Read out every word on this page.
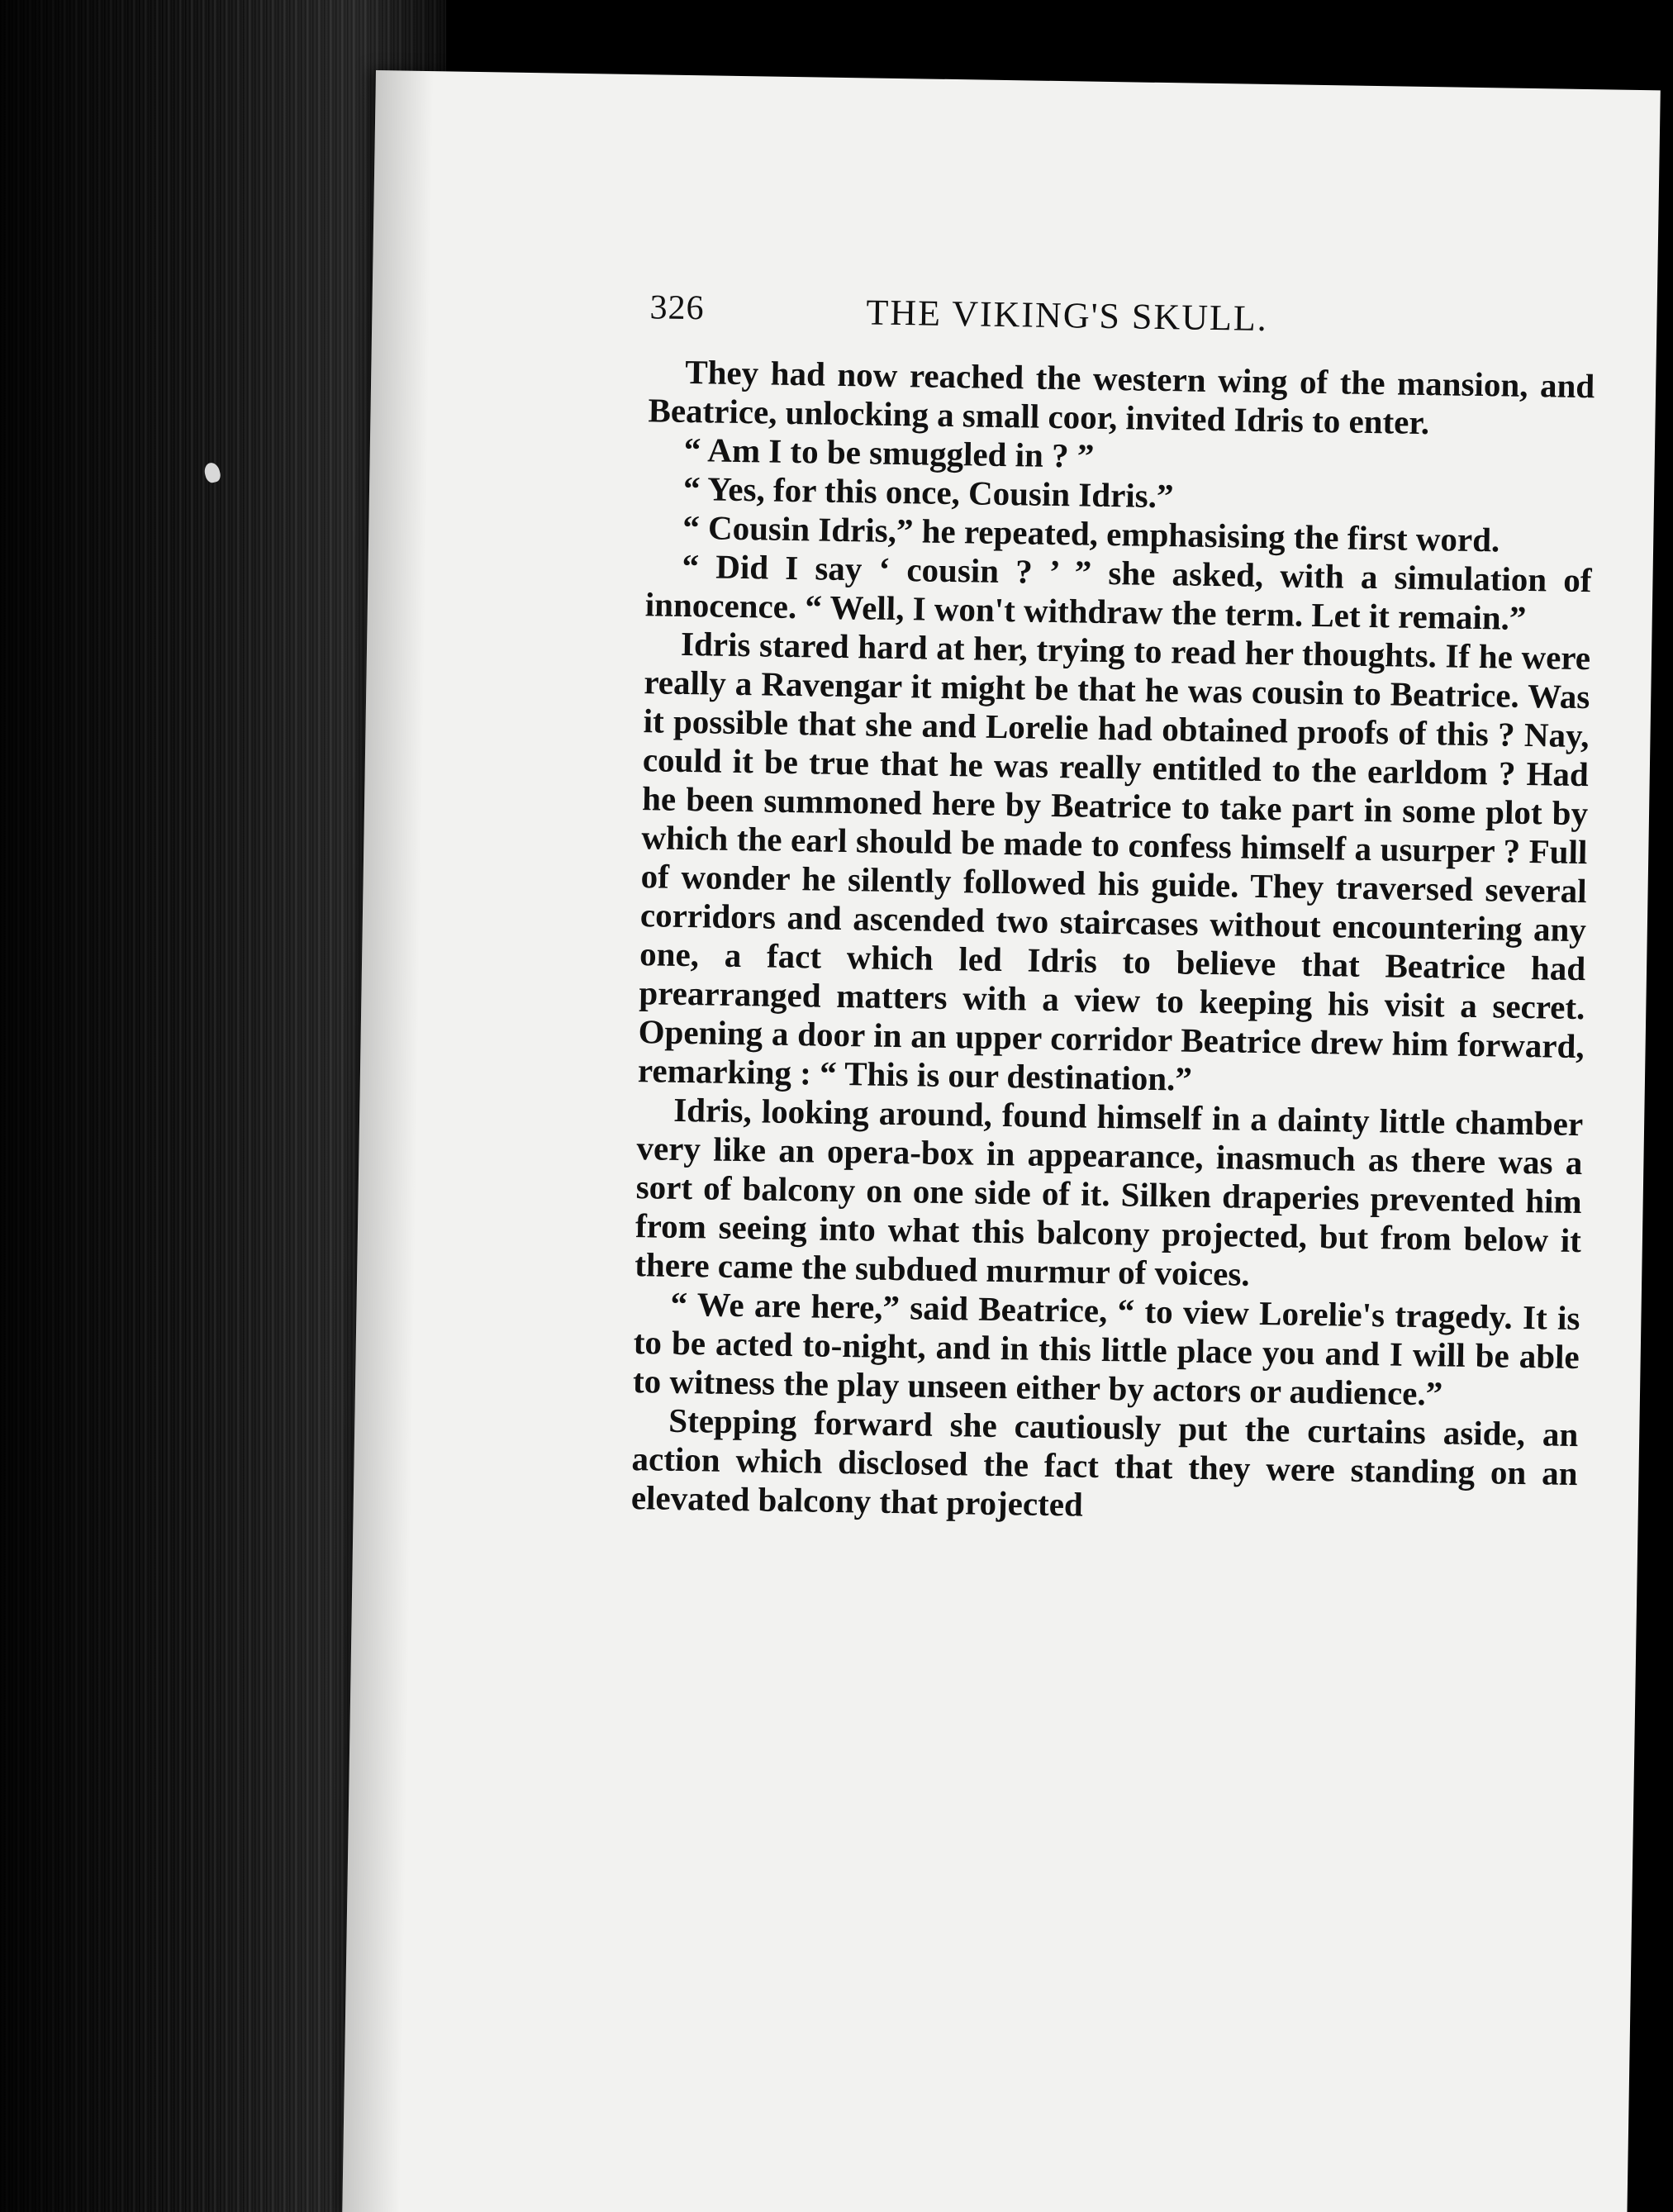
326	THE VIKING'S SKULL.

They had now reached the western wing of the mansion, and Beatrice, unlocking a small coor, invited Idris to enter.

“ Am I to be smuggled in ? ”

“ Yes, for this once, Cousin Idris.”

“ Cousin Idris,” he repeated, emphasising the first word.

“ Did I say ‘ cousin ? ’ ” she asked, with a simulation of innocence. “ Well, I won't withdraw the term. Let it remain.”

Idris stared hard at her, trying to read her thoughts. If he were really a Ravengar it might be that he was cousin to Beatrice. Was it possible that she and Lorelie had obtained proofs of this ? Nay, could it be true that he was really entitled to the earldom ? Had he been summoned here by Beatrice to take part in some plot by which the earl should be made to confess himself a usurper ? Full of wonder he silently followed his guide. They traversed several corridors and ascended two staircases without encountering any one, a fact which led Idris to believe that Beatrice had prearranged matters with a view to keeping his visit a secret. Opening a door in an upper corridor Beatrice drew him forward, remarking : “ This is our destination.”

Idris, looking around, found himself in a dainty little chamber very like an opera-box in appearance, inasmuch as there was a sort of balcony on one side of it. Silken draperies prevented him from seeing into what this balcony projected, but from below it there came the subdued murmur of voices.

“ We are here,” said Beatrice, “ to view Lorelie's tragedy. It is to be acted to-night, and in this little place you and I will be able to witness the play unseen either by actors or audience.”

Stepping forward she cautiously put the curtains aside, an action which disclosed the fact that they were standing on an elevated balcony that projected
